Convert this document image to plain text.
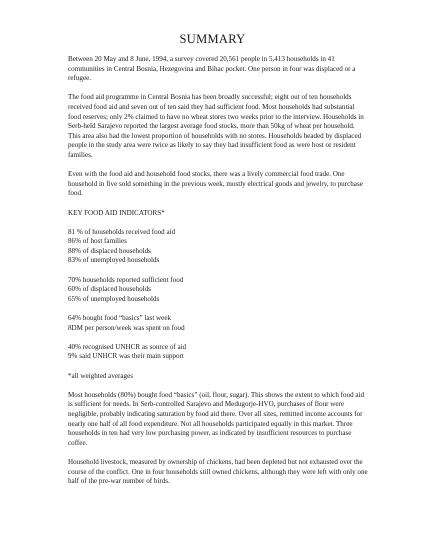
SUMMARY

Between 20 May and 8 June, 1994, a survey covered 20,561 people in 5,413 households in 41 communities in Central Bosnia, Hezegovina and Bihac pocket. One person in four was displaced or a refugee.

The food aid programme in Central Bosnia has been broadly successful; eight out of ten households received food aid and seven out of ten said they had sufficient food. Most households had substantial food reserves; only 2% claimed to have no wheat stores two weeks prior to the interview. Households in Serb-held Sarajevo reported the largest average food stocks, more than 50kg of wheat per household. This area also had the lowest proportion of households with no stores. Households headed by displaced people in the study area were twice as likely to say they had insufficient food as were host or resident families.

Even with the food aid and household food stocks, there was a lively commercial food trade. One household in five sold something in the previous week, mostly electrical goods and jewelry, to purchase food.

KEY FOOD AID INDICATORS*

81 % of households received food aid

86% of host families

88% of displaced households

83% of unemployed households

70% households reported sufficient food

60% of displaced households

65% of unemployed households

64% bought food “basics” last week

8DM per person/week was spent on food

40% recognised UNHCR as source of aid

9% said UNHCR was their main support

*all weighted averages

Most households (80%) bought food “basics” (oil, flour, sugar). This shows the extent to which food aid is sufficient for needs. In Serb-controlled Sarajevo and Medugorje-HVO, purchases of flour were negligible, probably indicating saturation by food aid there. Over all sites, remitted income accounts for nearly one half of all food expenditure. Not all households participated equally in this market. Three households in ten had very low purchasing power, as indicated by insufficient resources to purchase coffee.

Household livestock, measured by ownership of chickens, had been depleted but not exhausted over the course of the conflict. One in four households still owned chickens, although they were left with only one half of the pre-war number of birds.
